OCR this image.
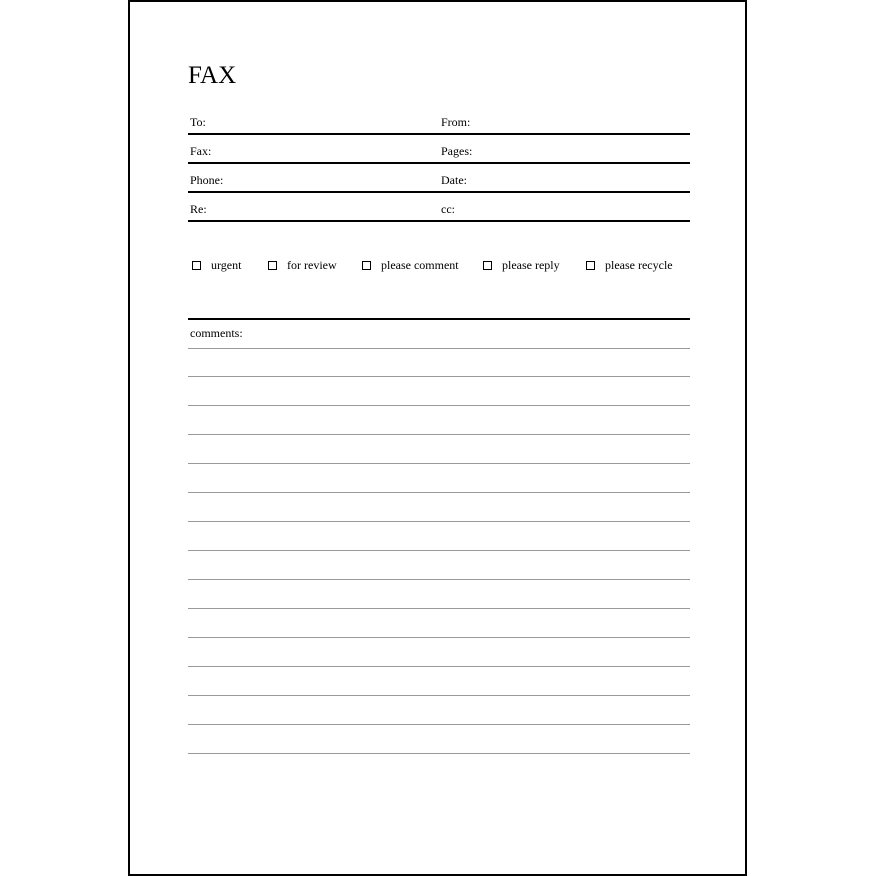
FAX
To:	From:
Fax:	Pages:
Phone:	Date:
Re:	cc:
urgent	for review	please comment	please reply	please recycle
comments:
